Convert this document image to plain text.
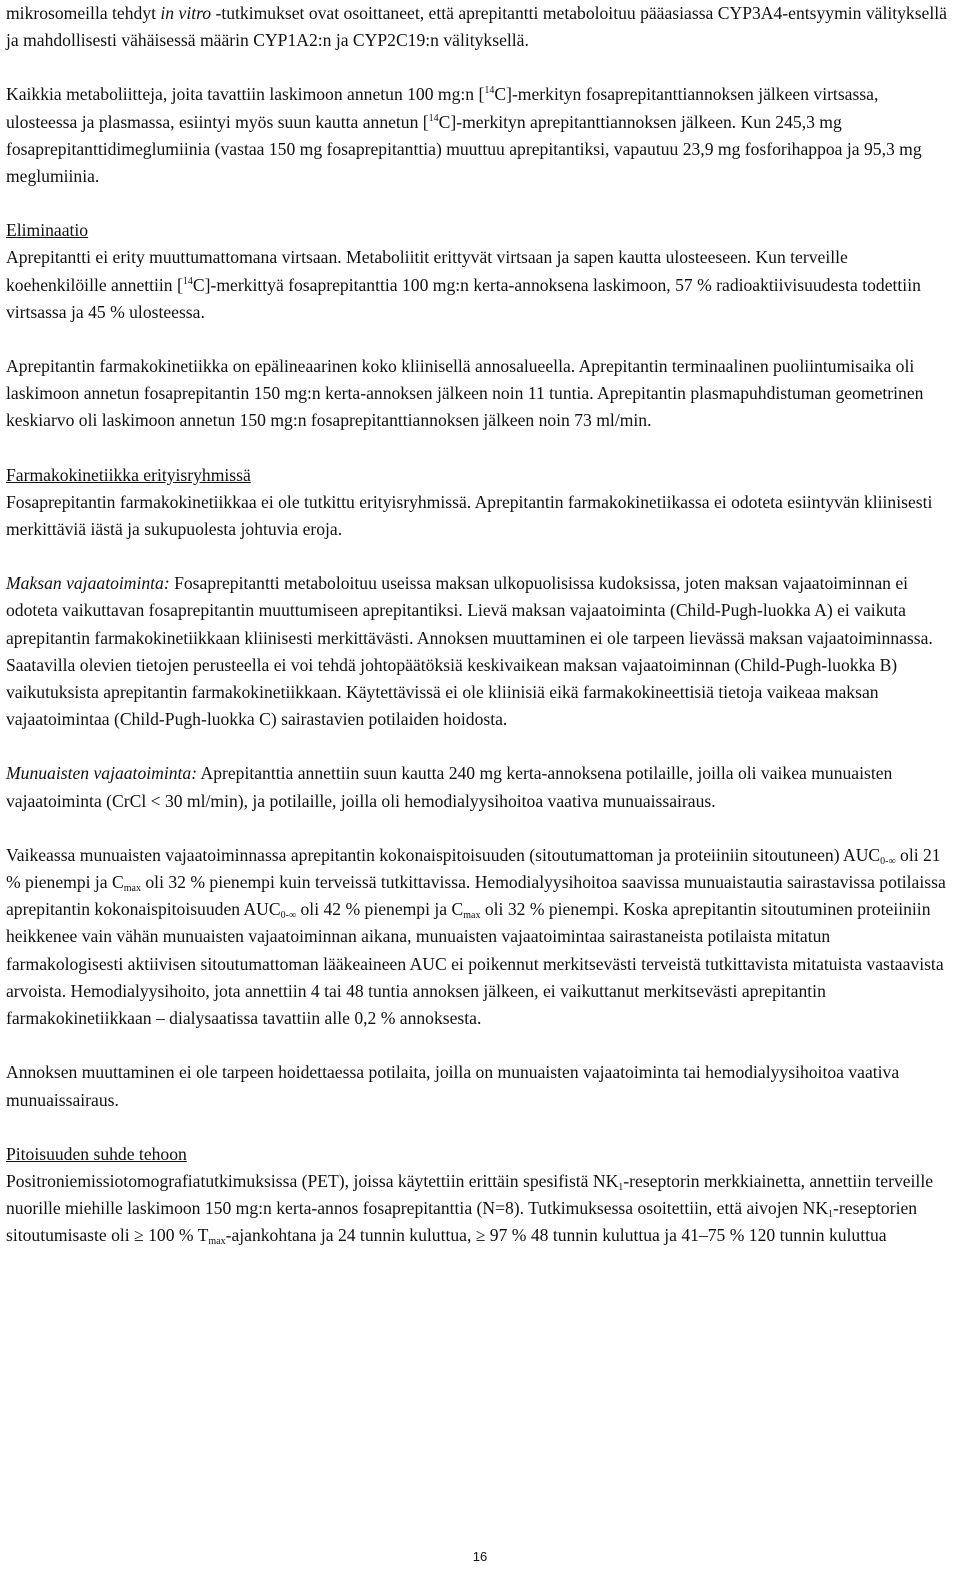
mikrosomeilla tehdyt in vitro -tutkimukset ovat osoittaneet, että aprepitantti metaboloituu pääasiassa CYP3A4-entsyymin välityksellä ja mahdollisesti vähäisessä määrin CYP1A2:n ja CYP2C19:n välityksellä.

Kaikkia metaboliitteja, joita tavattiin laskimoon annetun 100 mg:n [$^{14}$C]-merkityn fosaprepitanttiannoksen jälkeen virtsassa, ulosteessa ja plasmassa, esiintyi myös suun kautta annetun [$^{14}$C]-merkityn aprepitanttiannoksen jälkeen. Kun 245,3 mg fosaprepitanttidimeglumiinia (vastaa 150 mg fosaprepitanttia) muuttuu aprepitantiksi, vapautuu 23,9 mg fosforihappoa ja 95,3 mg meglumiinia.

Eliminaatio

Aprepitantti ei erity muuttumattomana virtsaan. Metaboliitit erittyvät virtsaan ja sapen kautta ulosteeseen. Kun terveille koehenkilöille annettiin [$^{14}$C]-merkittyä fosaprepitanttia 100 mg:n kerta-annoksena laskimoon, 57 % radioaktiivisuudesta todettiin virtsassa ja 45 % ulosteessa.

Aprepitantin farmakokinetiikka on epälineaarinen koko kliinisellä annosalueella. Aprepitantin terminaalinen puoliintumisaika oli laskimoon annetun fosaprepitantin 150 mg:n kerta-annoksen jälkeen noin 11 tuntia. Aprepitantin plasmapuhdistuman geometrinen keskiarvo oli laskimoon annetun 150 mg:n fosaprepitanttiannoksen jälkeen noin 73 ml/min.

Farmakokinetiikka erityisryhmissä

Fosaprepitantin farmakokinetiikkaa ei ole tutkittu erityisryhmissä. Aprepitantin farmakokinetiikassa ei odoteta esiintyvän kliinisesti merkittäviä iästä ja sukupuolesta johtuvia eroja.

Maksan vajaatoiminta: Fosaprepitantti metaboloituu useissa maksan ulkopuolisissa kudoksissa, joten maksan vajaatoiminnan ei odoteta vaikuttavan fosaprepitantin muuttumiseen aprepitantiksi. Lievä maksan vajaatoiminta (Child-Pugh-luokka A) ei vaikuta aprepitantin farmakokinetiikkaan kliinisesti merkittävästi. Annoksen muuttaminen ei ole tarpeen lievässä maksan vajaatoiminnassa. Saatavilla olevien tietojen perusteella ei voi tehdä johtopäätöksiä keskivaikean maksan vajaatoiminnan (Child-Pugh-luokka B) vaikutuksista aprepitantin farmakokinetiikkaan. Käytettävissä ei ole kliinisiä eikä farmakokineettisiä tietoja vaikeaa maksan vajaatoimintaa (Child-Pugh-luokka C) sairastavien potilaiden hoidosta.

Munuaisten vajaatoiminta: Aprepitanttia annettiin suun kautta 240 mg kerta-annoksena potilaille, joilla oli vaikea munuaisten vajaatoiminta (CrCl < 30 ml/min), ja potilaille, joilla oli hemodialyysihoitoa vaativa munuaissairaus.

Vaikeassa munuaisten vajaatoiminnassa aprepitantin kokonaispitoisuuden (sitoutumattoman ja proteiiniin sitoutuneen) $AUC_{0-\infty}$ oli 21 % pienempi ja $C_{max}$ oli 32 % pienempi kuin terveissä tutkittavissa. Hemodialyysihoitoa saavissa munuaistautia sairastavissa potilaissa aprepitantin kokonaispitoisuuden $AUC_{0-\infty}$ oli 42 % pienempi ja $C_{max}$ oli 32 % pienempi. Koska aprepitantin sitoutuminen proteiiniin heikkenee vain vähän munuaisten vajaatoiminnan aikana, munuaisten vajaatoimintaa sairastaneista potilaista mitatun farmakologisesti aktiivisen sitoutumattoman lääkeaineen AUC ei poikennut merkitsevästi terveistä tutkittavista mitatuista vastaavista arvoista. Hemodialyysihoito, jota annettiin 4 tai 48 tuntia annoksen jälkeen, ei vaikuttanut merkitsevästi aprepitantin farmakokinetiikkaan – dialysaatissa tavattiin alle 0,2 % annoksesta.

Annoksen muuttaminen ei ole tarpeen hoidettaessa potilaita, joilla on munuaisten vajaatoiminta tai hemodialyysihoitoa vaativa munuaissairaus.

Pitoisuuden suhde tehoon

Positroniemissiotomografiatutkimuksissa (PET), joissa käytettiin erittäin spesifistä $NK_1$-reseptorin merkkiainetta, annettiin terveille nuorille miehille laskimoon 150 mg:n kerta-annos fosaprepitanttia (N=8). Tutkimuksessa osoitettiin, että aivojen $NK_1$-reseptorien sitoutumisaste oli ≥ 100 % $T_{max}$-ajankohtana ja 24 tunnin kuluttua, ≥ 97 % 48 tunnin kuluttua ja 41–75 % 120 tunnin kuluttua

16
